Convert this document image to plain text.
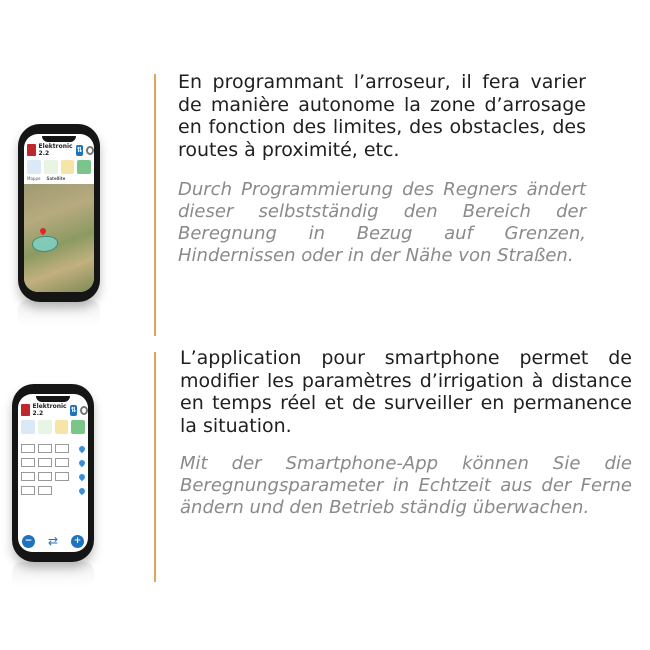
Elektronic 2.2	⇅
Mappe Satellite

En programmant l’arroseur, il fera varier de manière autonome la zone d’arrosage en fonction des limites, des obstacles, des routes à proximité, etc.

Durch Programmierung des Regners ändert dieser selbstständig den Bereich der Beregnung in Bezug auf Grenzen, Hindernissen oder in der Nähe von Straßen.

Elektronic 2.2	⇅
− ⇄	+

L’application pour smartphone permet de modifier les paramètres d’irrigation à distance en temps réel et de surveiller en permanence la situation.

Mit der Smartphone-App können Sie die Beregnungsparameter in Echtzeit aus der Ferne ändern und den Betrieb ständig überwachen.
